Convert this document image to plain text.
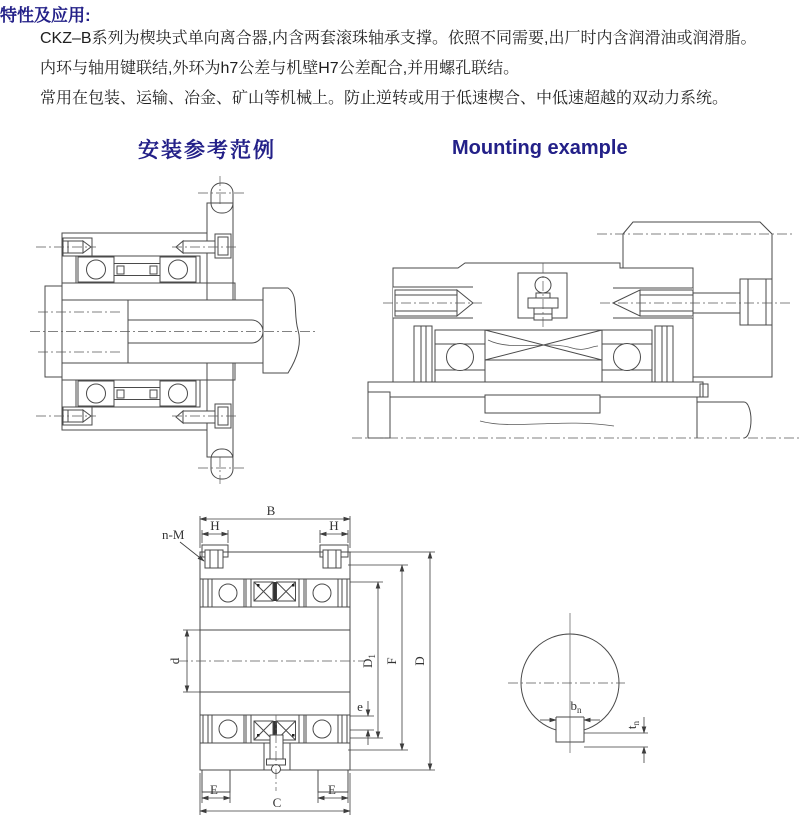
特性及应用:
CKZ–B系列为楔块式单向离合器,内含两套滚珠轴承支撑。依照不同需要,出厂时内含润滑油或润滑脂。
内环与轴用键联结,外环为h7公差与机壁H7公差配合,并用螺孔联结。
常用在包装、运输、冶金、矿山等机械上。防止逆转或用于低速楔合、中低速超越的双动力系统。
安装参考范例	Mounting example
B
H	H
n-M
d	$D_1$
F D
e
E	E
C
$b_n$
$t_n$
